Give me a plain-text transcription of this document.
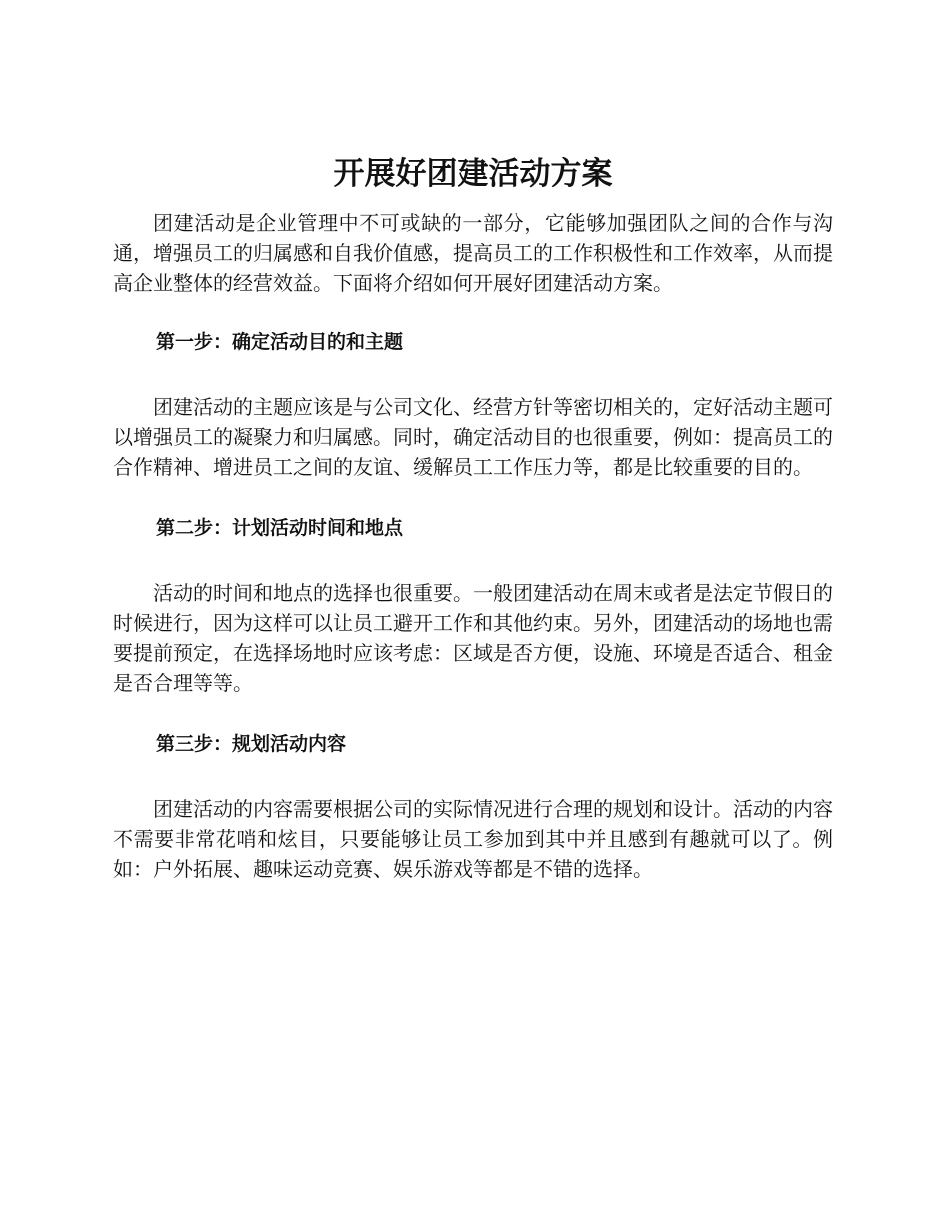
开展好团建活动方案

团建活动是企业管理中不可或缺的一部分，它能够加强团队之间的合作与沟通，增强员工的归属感和自我价值感，提高员工的工作积极性和工作效率，从而提高企业整体的经营效益。下面将介绍如何开展好团建活动方案。

第一步：确定活动目的和主题

团建活动的主题应该是与公司文化、经营方针等密切相关的，定好活动主题可以增强员工的凝聚力和归属感。同时，确定活动目的也很重要，例如：提高员工的合作精神、增进员工之间的友谊、缓解员工工作压力等，都是比较重要的目的。

第二步：计划活动时间和地点

活动的时间和地点的选择也很重要。一般团建活动在周末或者是法定节假日的时候进行，因为这样可以让员工避开工作和其他约束。另外，团建活动的场地也需要提前预定，在选择场地时应该考虑：区域是否方便，设施、环境是否适合、租金是否合理等等。

第三步：规划活动内容

团建活动的内容需要根据公司的实际情况进行合理的规划和设计。活动的内容不需要非常花哨和炫目，只要能够让员工参加到其中并且感到有趣就可以了。例如：户外拓展、趣味运动竞赛、娱乐游戏等都是不错的选择。
